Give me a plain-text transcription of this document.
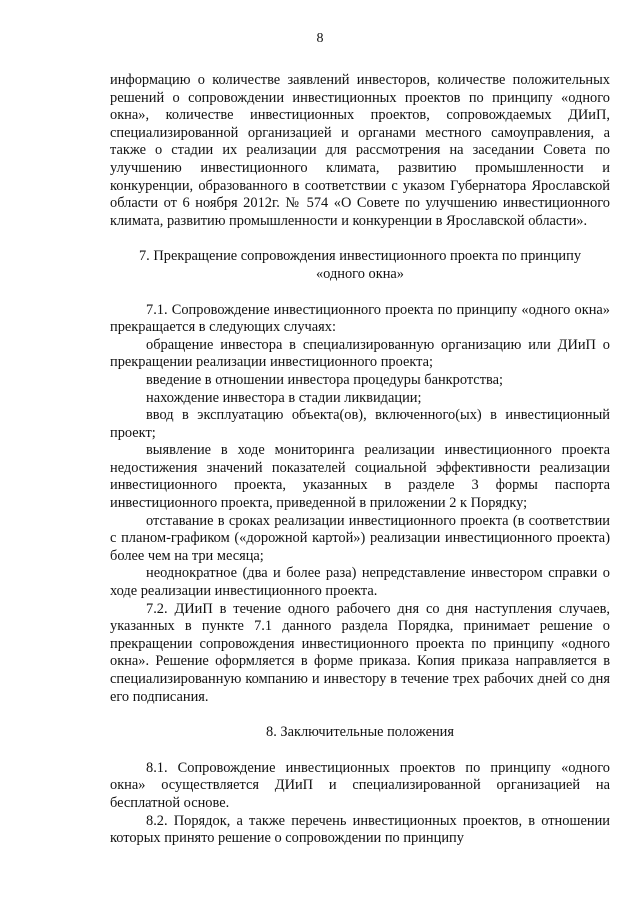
8

информацию о количестве заявлений инвесторов, количестве положительных решений о сопровождении инвестиционных проектов по принципу «одного окна», количестве инвестиционных проектов, сопровождаемых ДИиП, специализированной организацией и органами местного самоуправления, а также о стадии их реализации для рассмотрения на заседании Совета по улучшению инвестиционного климата, развитию промышленности и конкуренции, образованного в соответствии с указом Губернатора Ярославской области от 6 ноября 2012г. № 574 «О Совете по улучшению инвестиционного климата, развитию промышленности и конкуренции в Ярославской области».

7. Прекращение сопровождения инвестиционного проекта по принципу

«одного окна»

7.1. Сопровождение инвестиционного проекта по принципу «одного окна» прекращается в следующих случаях:

обращение инвестора в специализированную организацию или ДИиП о прекращении реализации инвестиционного проекта;

введение в отношении инвестора процедуры банкротства;

нахождение инвестора в стадии ликвидации;

ввод в эксплуатацию объекта(ов), включенного(ых) в инвестиционный проект;

выявление в ходе мониторинга реализации инвестиционного проекта недостижения значений показателей социальной эффективности реализации инвестиционного проекта, указанных в разделе 3 формы паспорта инвестиционного проекта, приведенной в приложении 2 к Порядку;

отставание в сроках реализации инвестиционного проекта (в соответствии с планом-графиком («дорожной картой») реализации инвестиционного проекта) более чем на три месяца;

неоднократное (два и более раза) непредставление инвестором справки о ходе реализации инвестиционного проекта.

7.2. ДИиП в течение одного рабочего дня со дня наступления случаев, указанных в пункте 7.1 данного раздела Порядка, принимает решение о прекращении сопровождения инвестиционного проекта по принципу «одного окна». Решение оформляется в форме приказа. Копия приказа направляется в специализированную компанию и инвестору в течение трех рабочих дней со дня его подписания.

8. Заключительные положения

8.1. Сопровождение инвестиционных проектов по принципу «одного окна» осуществляется ДИиП и специализированной организацией на бесплатной основе.

8.2. Порядок, а также перечень инвестиционных проектов, в отношении которых принято решение о сопровождении по принципу
